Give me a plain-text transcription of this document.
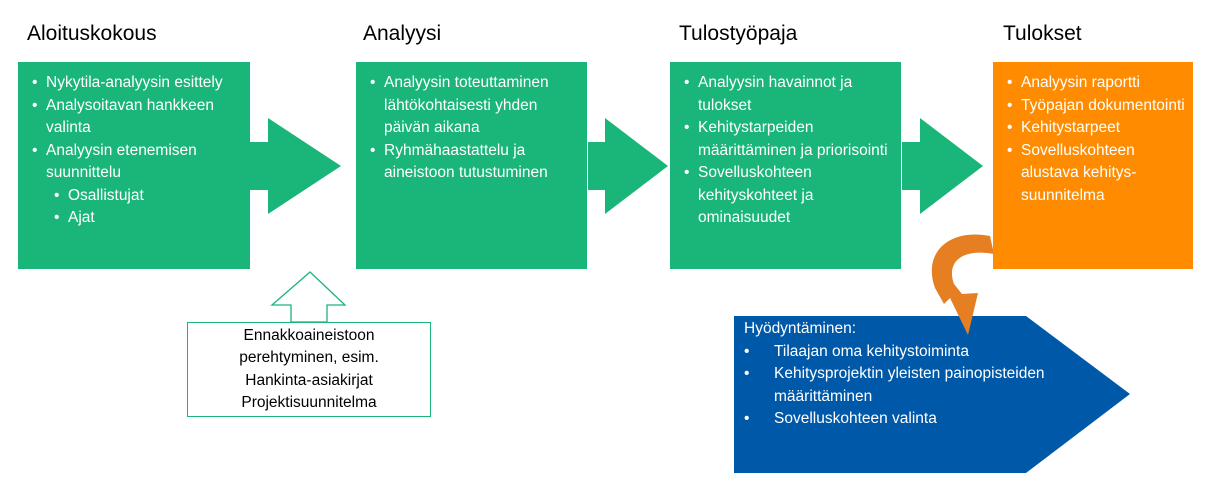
Aloituskokous
• Nykytila-analyysin esittely
• Analysoitavan hankkeen valinta
• Analyysin etenemisen suunnittelu
• Osallistujat
• Ajat
Analyysi
• Analyysin toteuttaminen lähtökohtaisesti yhden päivän aikana
• Ryhmähaastattelu ja aineistoon tutustuminen
Tulostyöpaja
• Analyysin havainnot ja tulokset
• Kehitystarpeiden määrittäminen ja priorisointi
• Sovelluskohteen kehityskohteet ja ominaisuudet
Tulokset
• Analyysin raportti
• Työpajan dokumentointi
• Kehitystarpeet
• Sovelluskohteen alustava kehitys-suunnitelma
Ennakkoaineistoon
perehtyminen, esim.
Hankinta-asiakirjat
Projektisuunnitelma
Hyödyntäminen:
• Tilaajan oma kehitystoiminta
• Kehitysprojektin yleisten painopisteiden määrittäminen
• Sovelluskohteen valinta
